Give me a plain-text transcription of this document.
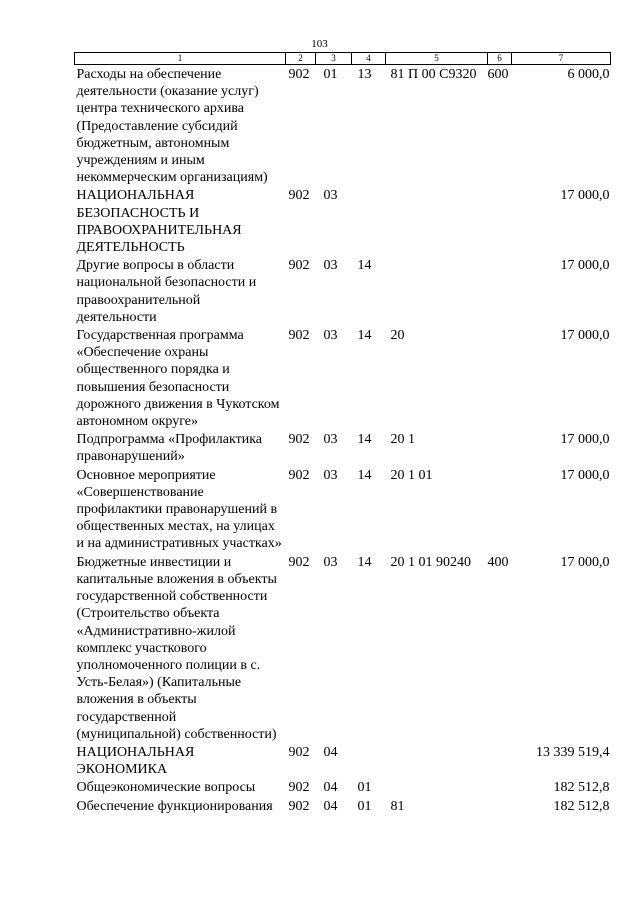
103
1	2	3	4	5	6	7
Расходы на обеспечение деятельности (оказание услуг) центра технического архива (Предоставление субсидий бюджетным, автономным учреждениям и иным некоммерческим организациям)	902	01	13	81 П 00 С9320	600	6 000,0
НАЦИОНАЛЬНАЯ БЕЗОПАСНОСТЬ И ПРАВООХРАНИТЕЛЬНАЯ ДЕЯТЕЛЬНОСТЬ	902	03				17 000,0
Другие вопросы в области национальной безопасности и правоохранительной деятельности	902	03	14			17 000,0
Государственная программа «Обеспечение охраны общественного порядка и повышения безопасности дорожного движения в Чукотском автономном округе»	902	03	14	20		17 000,0
Подпрограмма «Профилактика правонарушений»	902	03	14	20 1		17 000,0
Основное мероприятие «Совершенствование профилактики правонарушений в общественных местах, на улицах и на административных участках»	902	03	14	20 1 01		17 000,0
Бюджетные инвестиции и капитальные вложения в объекты государственной собственности (Строительство объекта «Административно-жилой комплекс участкового уполномоченного полиции в с. Усть-Белая») (Капитальные вложения в объекты государственной (муниципальной) собственности)	902	03	14	20 1 01 90240	400	17 000,0
НАЦИОНАЛЬНАЯ ЭКОНОМИКА	902	04				13 339 519,4
Общеэкономические вопросы	902	04	01			182 512,8
Обеспечение функционирования	902	04	01	81		182 512,8
